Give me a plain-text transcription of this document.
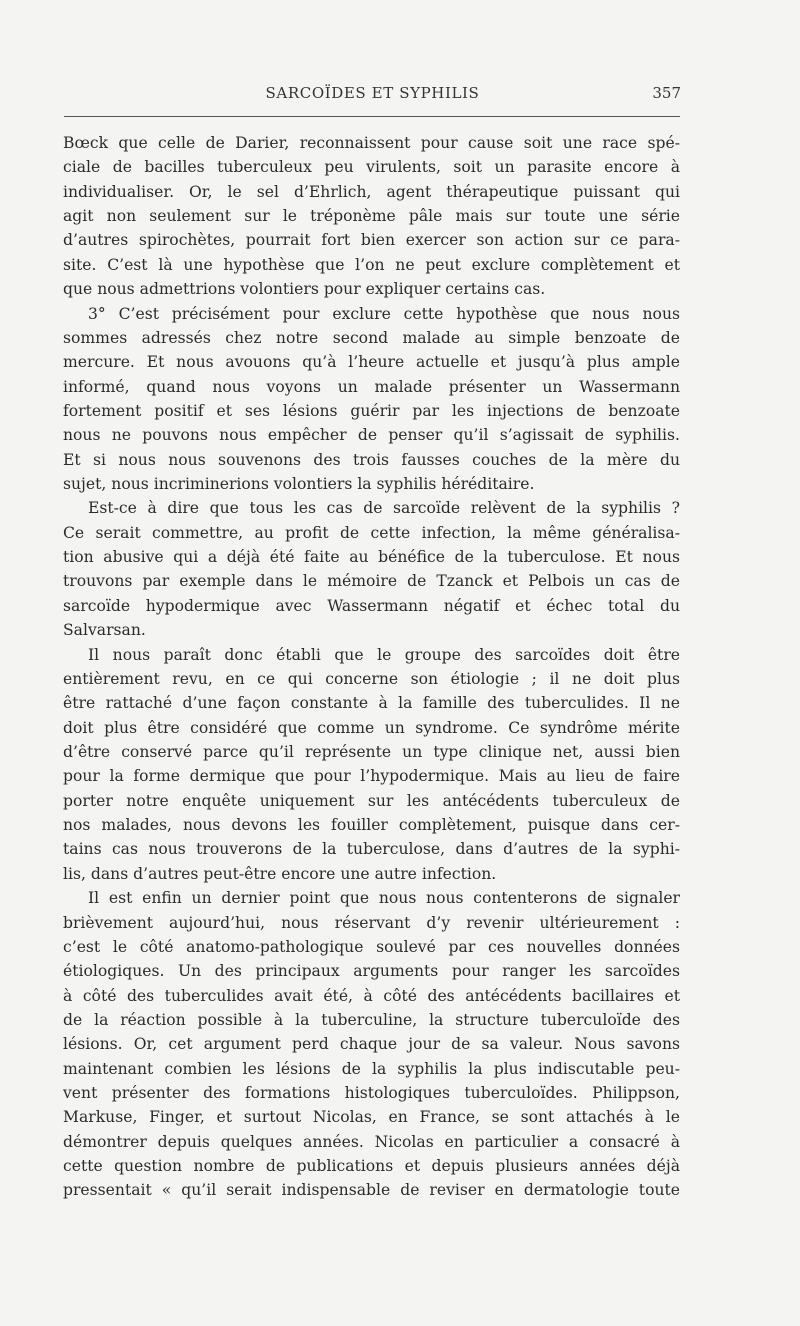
SARCOÏDES ET SYPHILIS	357
Bœck que celle de Darier, reconnaissent pour cause soit une race spé-
ciale de bacilles tuberculeux peu virulents, soit un parasite encore à
individualiser. Or, le sel d’Ehrlich, agent thérapeutique puissant qui
agit non seulement sur le tréponème pâle mais sur toute une série
d’autres spirochètes, pourrait fort bien exercer son action sur ce para-
site. C’est là une hypothèse que l’on ne peut exclure complètement et
que nous admettrions volontiers pour expliquer certains cas.
3° C’est précisément pour exclure cette hypothèse que nous nous
sommes adressés chez notre second malade au simple benzoate de
mercure. Et nous avouons qu’à l’heure actuelle et jusqu’à plus ample
informé, quand nous voyons un malade présenter un Wassermann
fortement positif et ses lésions guérir par les injections de benzoate
nous ne pouvons nous empêcher de penser qu’il s’agissait de syphilis.
Et si nous nous souvenons des trois fausses couches de la mère du
sujet, nous incriminerions volontiers la syphilis héréditaire.
Est-ce à dire que tous les cas de sarcoïde relèvent de la syphilis ?
Ce serait commettre, au profit de cette infection, la même généralisa-
tion abusive qui a déjà été faite au bénéfice de la tuberculose. Et nous
trouvons par exemple dans le mémoire de Tzanck et Pelbois un cas de
sarcoïde hypodermique avec Wassermann négatif et échec total du
Salvarsan.
Il nous paraît donc établi que le groupe des sarcoïdes doit être
entièrement revu, en ce qui concerne son étiologie ; il ne doit plus
être rattaché d’une façon constante à la famille des tuberculides. Il ne
doit plus être considéré que comme un syndrome. Ce syndrôme mérite
d’être conservé parce qu’il représente un type clinique net, aussi bien
pour la forme dermique que pour l’hypodermique. Mais au lieu de faire
porter notre enquête uniquement sur les antécédents tuberculeux de
nos malades, nous devons les fouiller complètement, puisque dans cer-
tains cas nous trouverons de la tuberculose, dans d’autres de la syphi-
lis, dans d’autres peut-être encore une autre infection.
Il est enfin un dernier point que nous nous contenterons de signaler
brièvement aujourd’hui, nous réservant d’y revenir ultérieurement :
c’est le côté anatomo-pathologique soulevé par ces nouvelles données
étiologiques. Un des principaux arguments pour ranger les sarcoïdes
à côté des tuberculides avait été, à côté des antécédents bacillaires et
de la réaction possible à la tuberculine, la structure tuberculoïde des
lésions. Or, cet argument perd chaque jour de sa valeur. Nous savons
maintenant combien les lésions de la syphilis la plus indiscutable peu-
vent présenter des formations histologiques tuberculoïdes. Philippson,
Markuse, Finger, et surtout Nicolas, en France, se sont attachés à le
démontrer depuis quelques années. Nicolas en particulier a consacré à
cette question nombre de publications et depuis plusieurs années déjà
pressentait « qu’il serait indispensable de reviser en dermatologie toute
